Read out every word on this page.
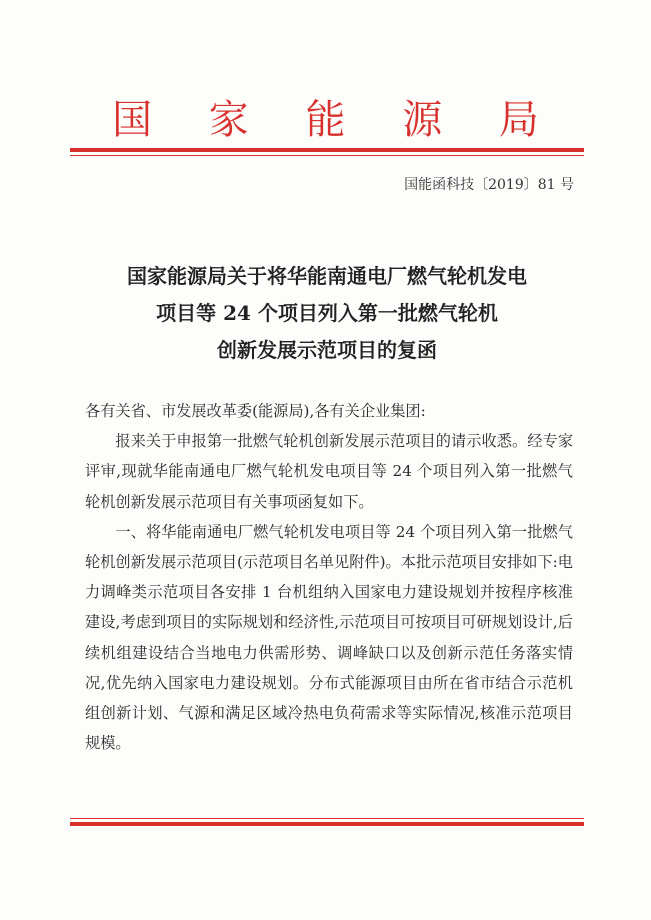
国 家 能 源 局
国能函科技〔2019〕81 号
国家能源局关于将华能南通电厂燃气轮机发电
项目等 24 个项目列入第一批燃气轮机
创新发展示范项目的复函

各有关省、市发展改革委(能源局),各有关企业集团:

报来关于申报第一批燃气轮机创新发展示范项目的请示收悉。经专家评审,现就华能南通电厂燃气轮机发电项目等 24 个项目列入第一批燃气轮机创新发展示范项目有关事项函复如下。

一、将华能南通电厂燃气轮机发电项目等 24 个项目列入第一批燃气轮机创新发展示范项目(示范项目名单见附件)。本批示范项目安排如下:电力调峰类示范项目各安排 1 台机组纳入国家电力建设规划并按程序核准建设,考虑到项目的实际规划和经济性,示范项目可按项目可研规划设计,后续机组建设结合当地电力供需形势、调峰缺口以及创新示范任务落实情况,优先纳入国家电力建设规划。分布式能源项目由所在省市结合示范机组创新计划、气源和满足区域冷热电负荷需求等实际情况,核准示范项目规模。
